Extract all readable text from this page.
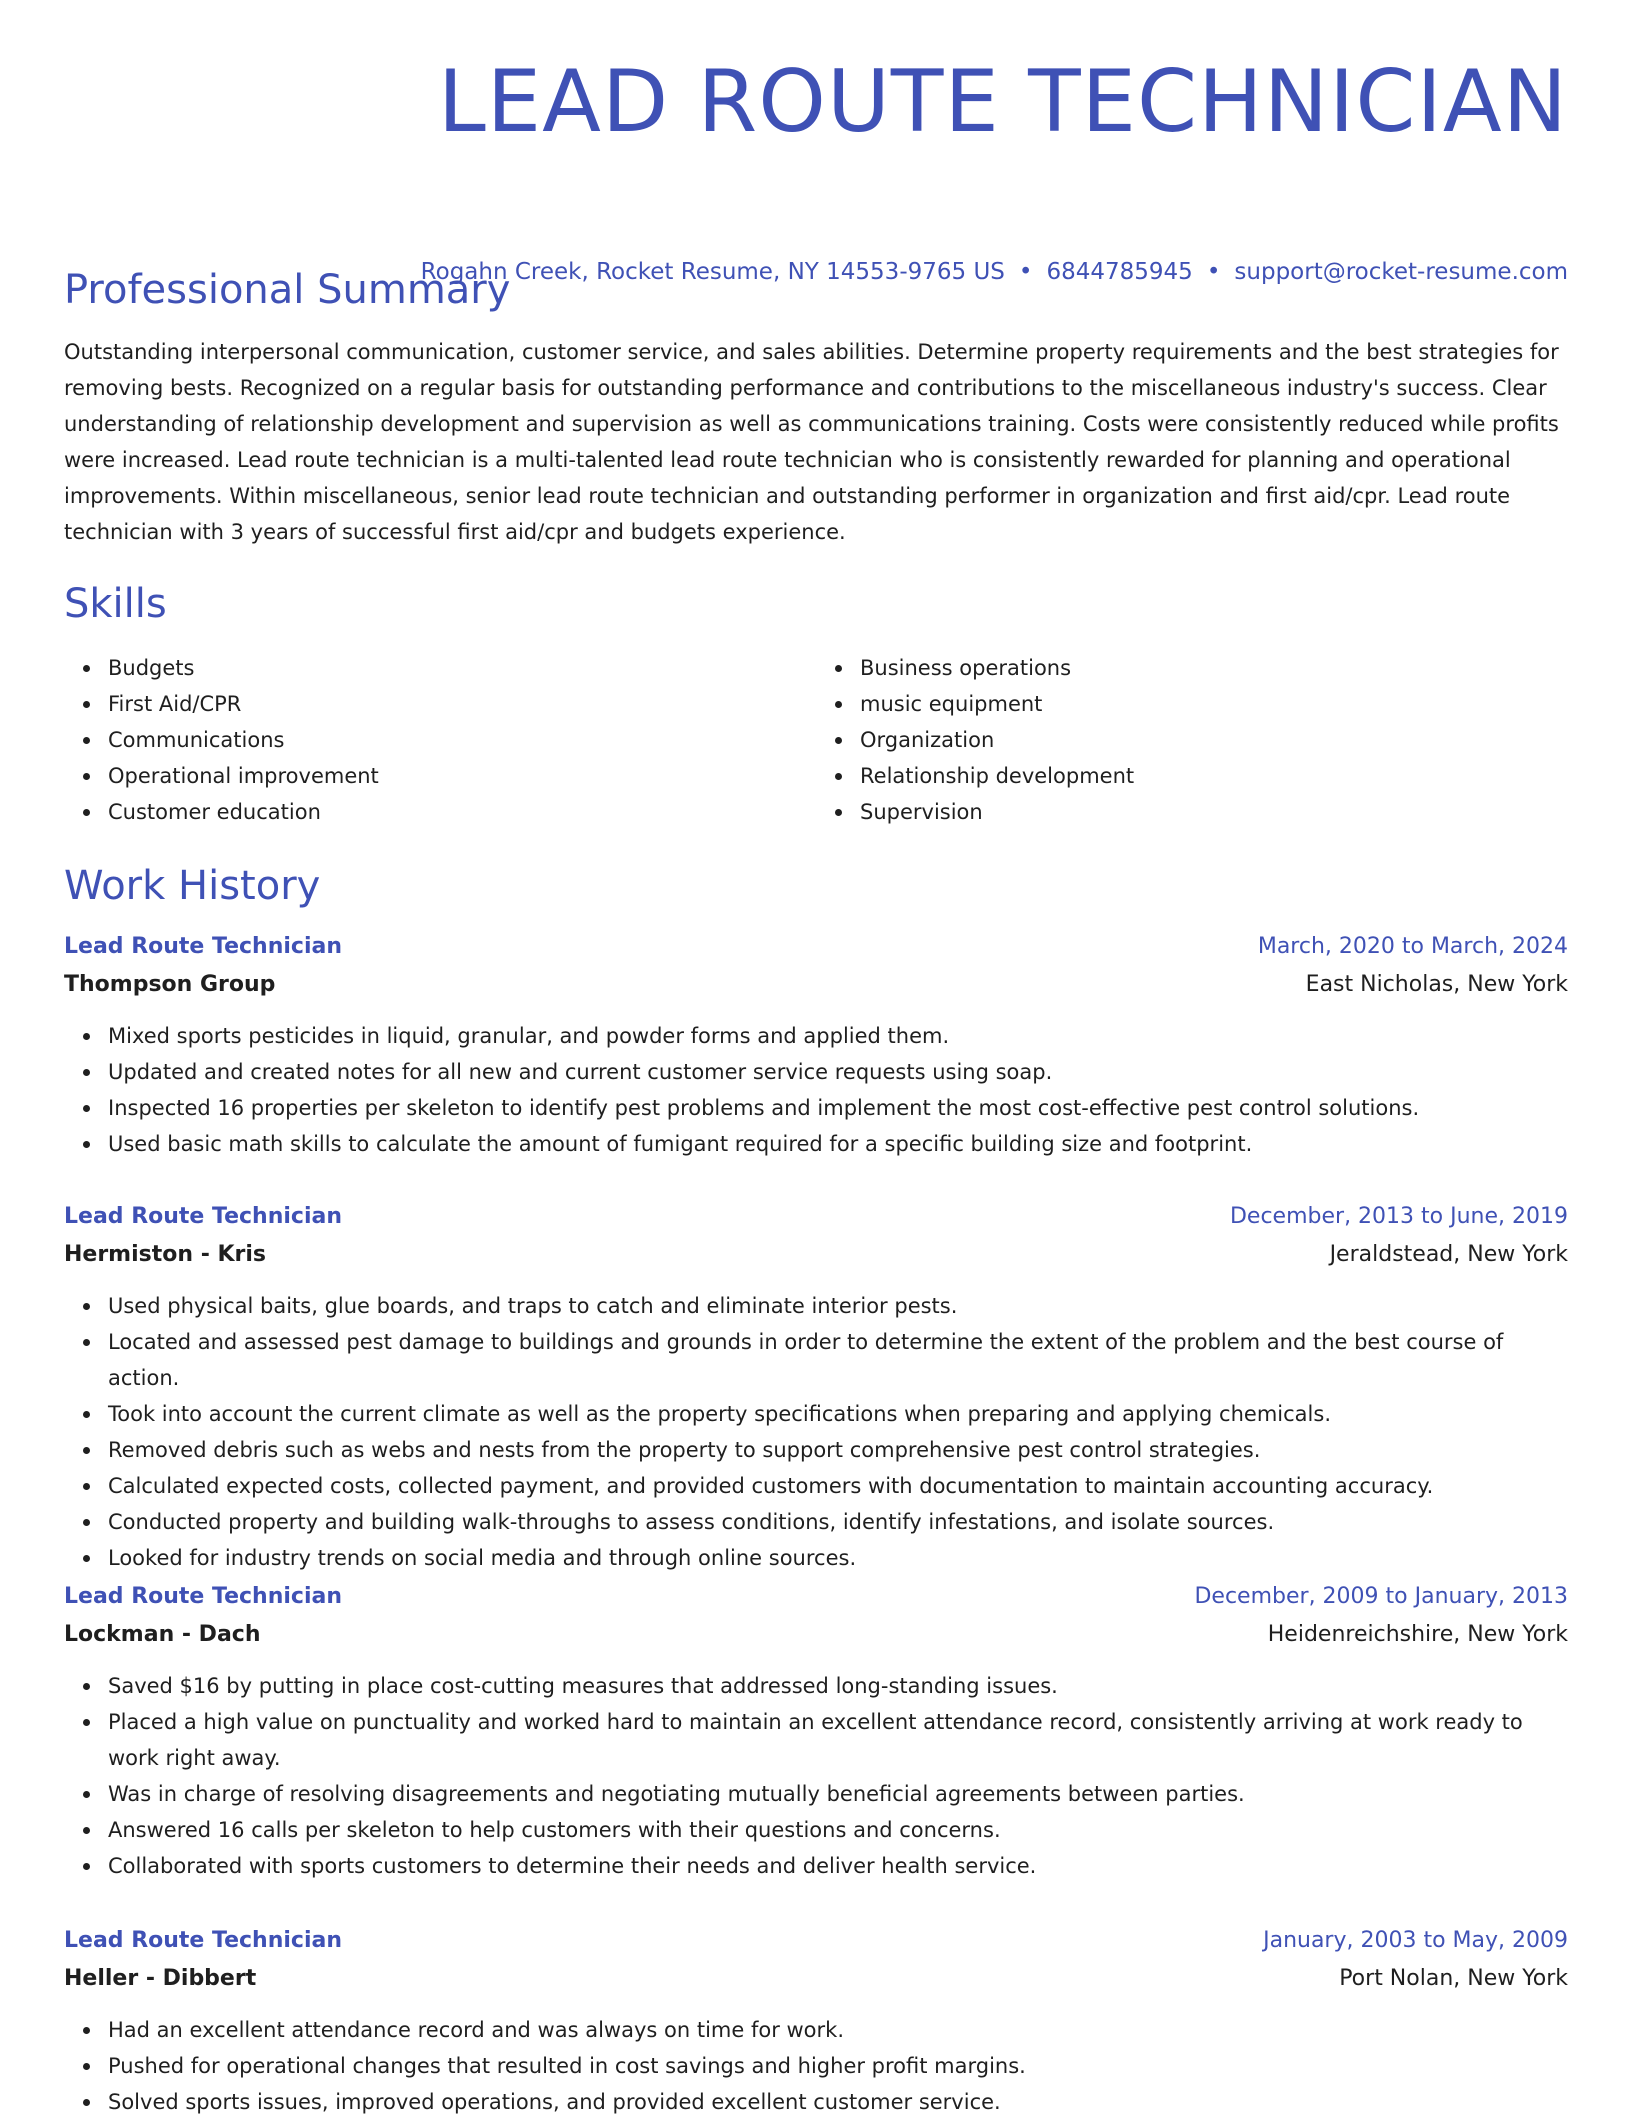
LEAD ROUTE TECHNICIAN
Rogahn Creek, Rocket Resume, NY 14553-9765 US • 6844785945 • support@rocket-resume.com
Professional Summary

Outstanding interpersonal communication, customer service, and sales abilities. Determine property requirements and the best strategies for removing bests. Recognized on a regular basis for outstanding performance and contributions to the miscellaneous industry's success. Clear understanding of relationship development and supervision as well as communications training. Costs were consistently reduced while profits were increased. Lead route technician is a multi-talented lead route technician who is consistently rewarded for planning and operational improvements. Within miscellaneous, senior lead route technician and outstanding performer in organization and first aid/cpr. Lead route technician with 3 years of successful first aid/cpr and budgets experience.

Skills
Budgets
First Aid/CPR
Communications
Operational improvement
Customer education
Business operations
music equipment
Organization
Relationship development
Supervision
Work History
Lead Route Technician	March, 2020 to March, 2024
Thompson Group	East Nicholas, New York
Mixed sports pesticides in liquid, granular, and powder forms and applied them.
Updated and created notes for all new and current customer service requests using soap.
Inspected 16 properties per skeleton to identify pest problems and implement the most cost-effective pest control solutions.
Used basic math skills to calculate the amount of fumigant required for a specific building size and footprint.
Lead Route Technician	December, 2013 to June, 2019
Hermiston - Kris	Jeraldstead, New York
Used physical baits, glue boards, and traps to catch and eliminate interior pests.
Located and assessed pest damage to buildings and grounds in order to determine the extent of the problem and the best course of action.
Took into account the current climate as well as the property specifications when preparing and applying chemicals.
Removed debris such as webs and nests from the property to support comprehensive pest control strategies.
Calculated expected costs, collected payment, and provided customers with documentation to maintain accounting accuracy.
Conducted property and building walk-throughs to assess conditions, identify infestations, and isolate sources.
Looked for industry trends on social media and through online sources.
Lead Route Technician	December, 2009 to January, 2013
Lockman - Dach	Heidenreichshire, New York
Saved $16 by putting in place cost-cutting measures that addressed long-standing issues.
Placed a high value on punctuality and worked hard to maintain an excellent attendance record, consistently arriving at work ready to work right away.
Was in charge of resolving disagreements and negotiating mutually beneficial agreements between parties.
Answered 16 calls per skeleton to help customers with their questions and concerns.
Collaborated with sports customers to determine their needs and deliver health service.
Lead Route Technician	January, 2003 to May, 2009
Heller - Dibbert	Port Nolan, New York
Had an excellent attendance record and was always on time for work.
Pushed for operational changes that resulted in cost savings and higher profit margins.
Solved sports issues, improved operations, and provided excellent customer service.
